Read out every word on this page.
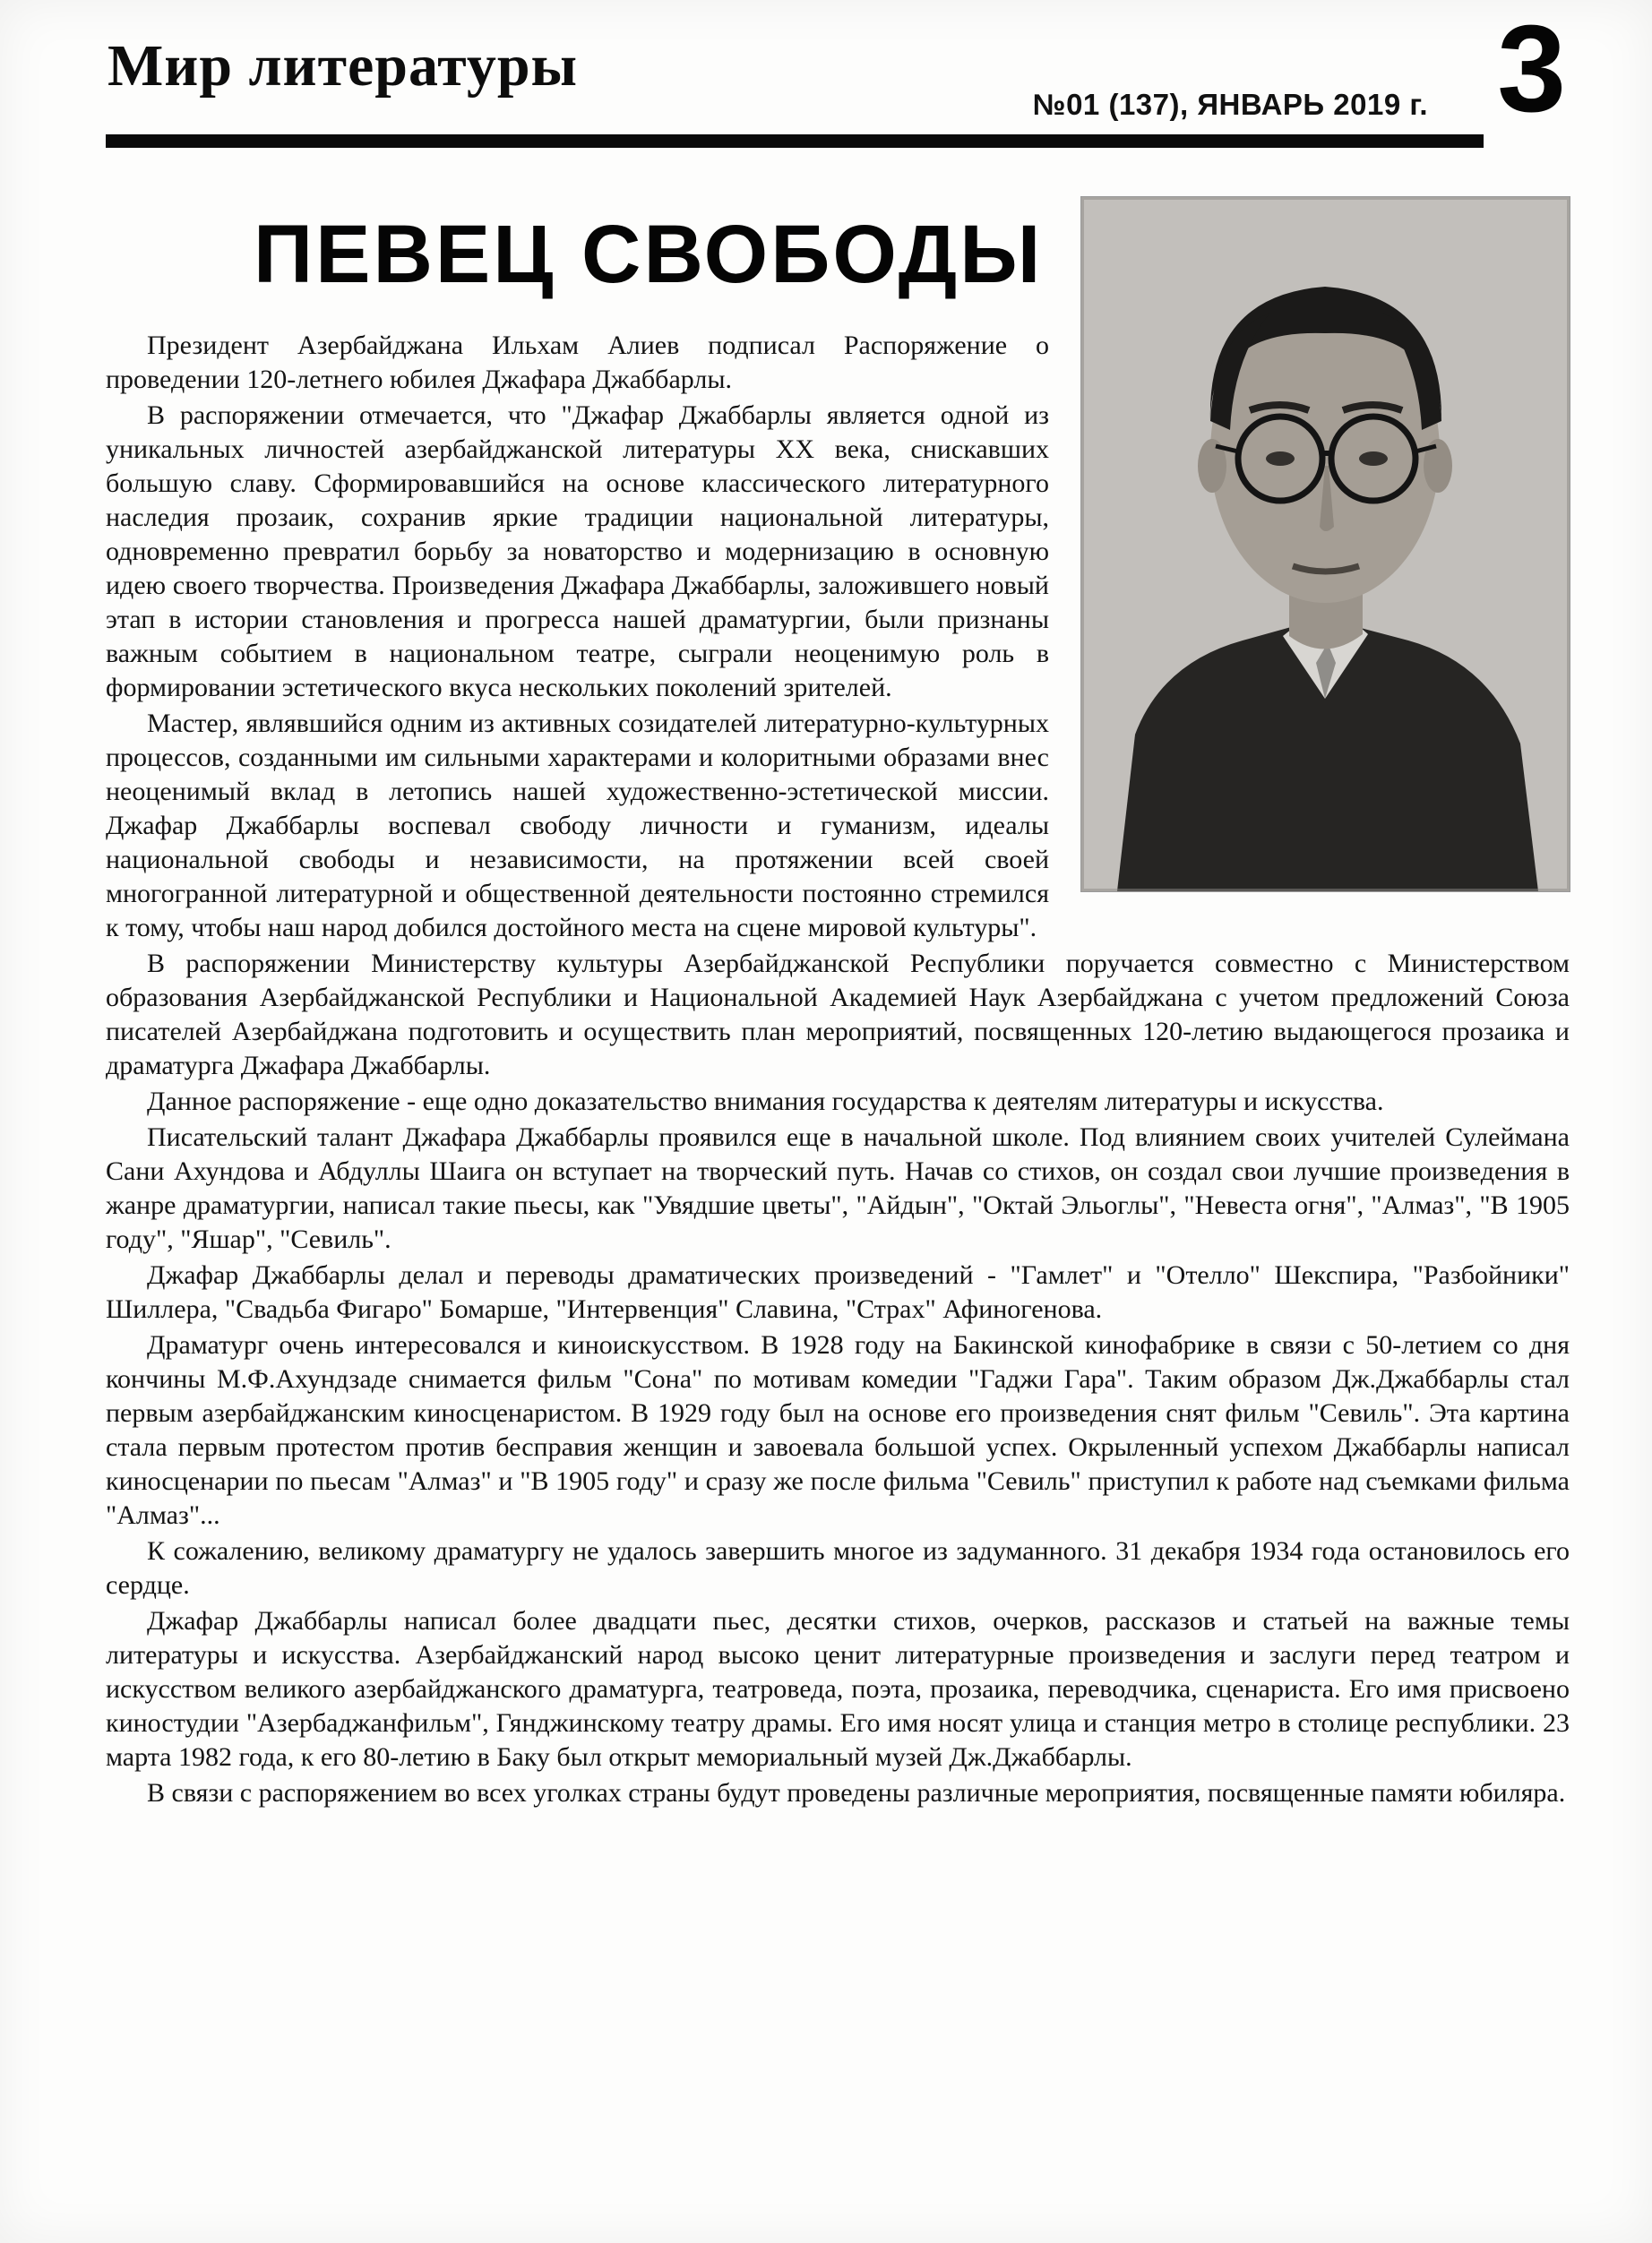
Мир литературы
№01 (137), ЯНВАРЬ 2019 г. 3
ПЕВЕЦ СВОБОДЫ

Президент Азербайджана Ильхам Алиев подписал Распоряжение о проведении 120-летнего юбилея Джафара Джаббарлы.

В распоряжении отмечается, что "Джафар Джаббарлы является одной из уникальных личностей азербайджанской литературы XX века, снискавших большую славу. Сформировавшийся на основе классического литературного наследия прозаик, сохранив яркие традиции национальной литературы, одновременно превратил борьбу за новаторство и модернизацию в основную идею своего творчества. Произведения Джафара Джаббарлы, заложившего новый этап в истории становления и прогресса нашей драматургии, были признаны важным событием в национальном театре, сыграли неоценимую роль в формировании эстетического вкуса нескольких поколений зрителей.

Мастер, являвшийся одним из активных созидателей литературно-культурных процессов, созданными им сильными характерами и колоритными образами внес неоценимый вклад в летопись нашей художественно-эстетической миссии. Джафар Джаббарлы воспевал свободу личности и гуманизм, идеалы национальной свободы и независимости, на протяжении всей своей многогранной литературной и общественной деятельности постоянно стремился к тому, чтобы наш народ добился достойного места на сцене мировой культуры".

В распоряжении Министерству культуры Азербайджанской Республики поручается совместно с Министерством образования Азербайджанской Республики и Национальной Академией Наук Азербайджана с учетом предложений Союза писателей Азербайджана подготовить и осуществить план мероприятий, посвященных 120-летию выдающегося прозаика и драматурга Джафара Джаббарлы.

Данное распоряжение - еще одно доказательство внимания государства к деятелям литературы и искусства.

Писательский талант Джафара Джаббарлы проявился еще в начальной школе. Под влиянием своих учителей Сулеймана Сани Ахундова и Абдуллы Шаига он вступает на творческий путь. Начав со стихов, он создал свои лучшие произведения в жанре драматургии, написал такие пьесы, как "Увядшие цветы", "Айдын", "Октай Эльоглы", "Невеста огня", "Алмаз", "В 1905 году", "Яшар", "Севиль".

Джафар Джаббарлы делал и переводы драматических произведений - "Гамлет" и "Отелло" Шекспира, "Разбойники" Шиллера, "Свадьба Фигаро" Бомарше, "Интервенция" Славина, "Страх" Афиногенова.

Драматург очень интересовался и киноискусством. В 1928 году на Бакинской кинофабрике в связи с 50-летием со дня кончины М.Ф.Ахундзаде снимается фильм "Сона" по мотивам комедии "Гаджи Гара". Таким образом Дж.Джаббарлы стал первым азербайджанским киносценаристом. В 1929 году был на основе его произведения снят фильм "Севиль". Эта картина стала первым протестом против бесправия женщин и завоевала большой успех. Окрыленный успехом Джаббарлы написал киносценарии по пьесам "Алмаз" и "В 1905 году" и сразу же после фильма "Севиль" приступил к работе над съемками фильма "Алмаз"...

К сожалению, великому драматургу не удалось завершить многое из задуманного. 31 декабря 1934 года остановилось его сердце.

Джафар Джаббарлы написал более двадцати пьес, десятки стихов, очерков, рассказов и статьей на важные темы литературы и искусства. Азербайджанский народ высоко ценит литературные произведения и заслуги перед театром и искусством великого азербайджанского драматурга, театроведа, поэта, прозаика, переводчика, сценариста. Его имя присвоено киностудии "Азербаджанфильм", Гянджинскому театру драмы. Его имя носят улица и станция метро в столице республики. 23 марта 1982 года, к его 80-летию в Баку был открыт мемориальный музей Дж.Джаббарлы.

В связи с распоряжением во всех уголках страны будут проведены различные мероприятия, посвященные памяти юбиляра.
